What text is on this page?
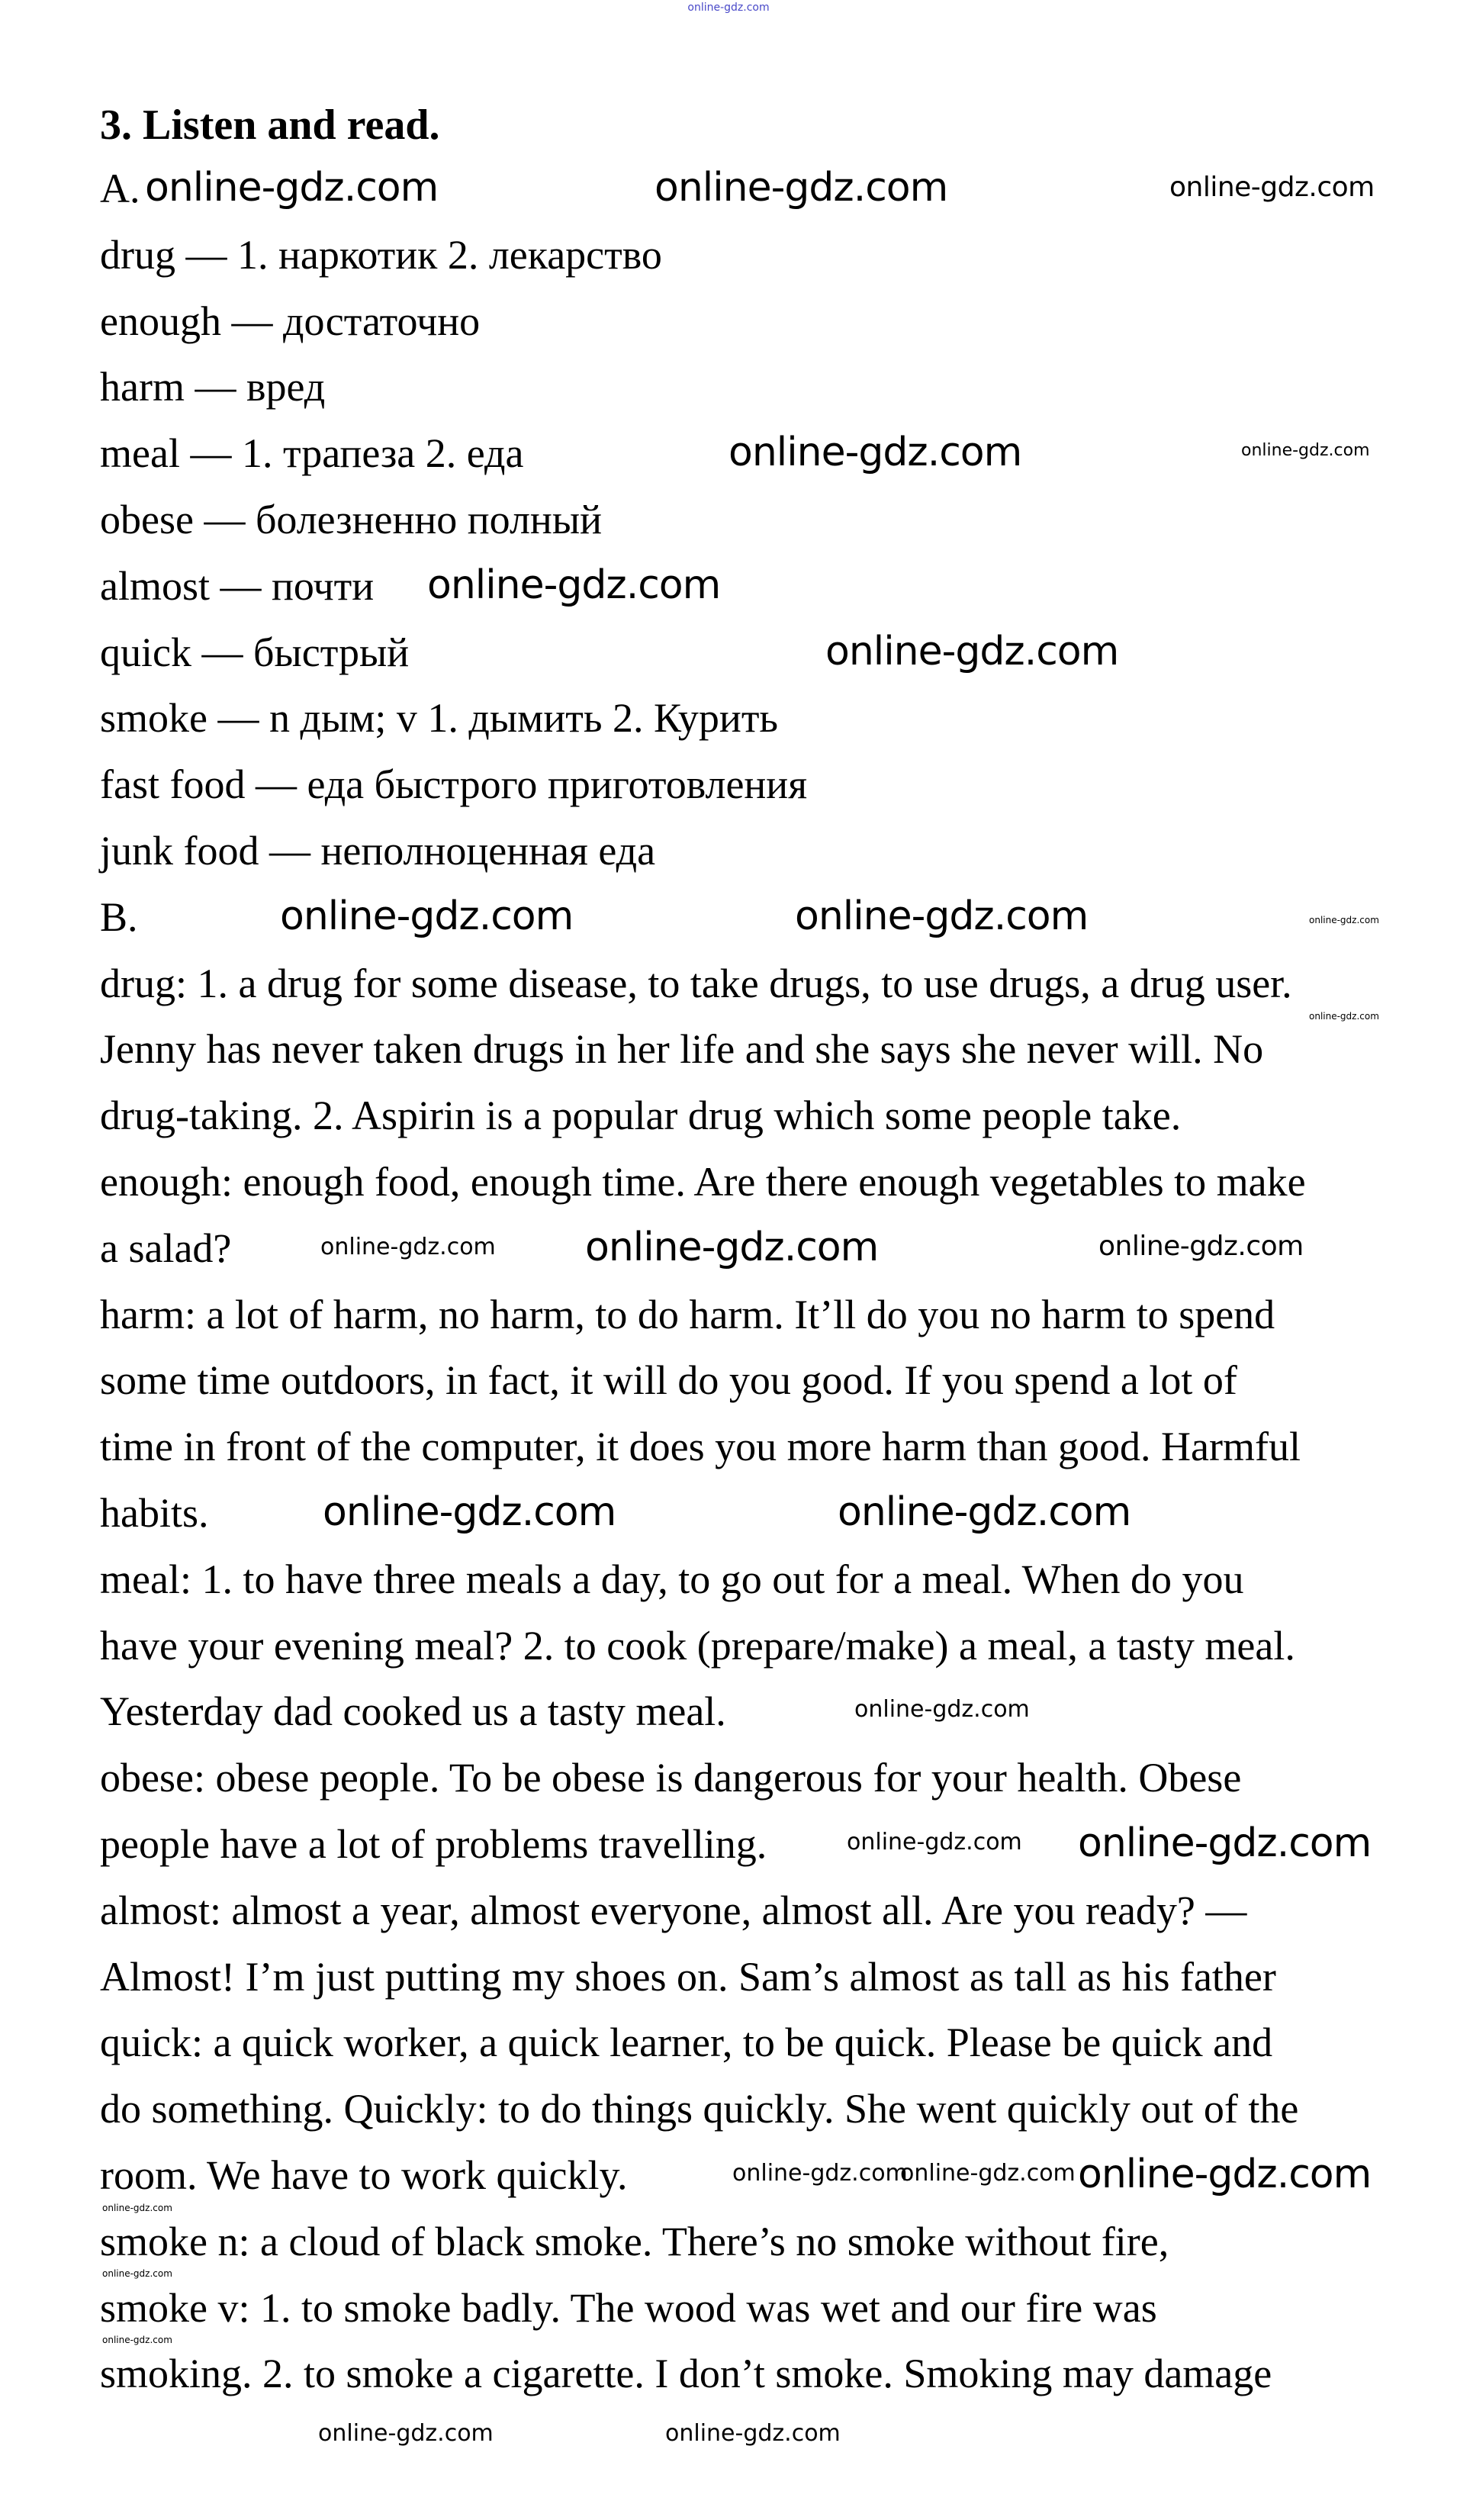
online-gdz.com
3. Listen and read.
A.
drug — 1. наркотик 2. лекарство
enough — достаточно
harm — вред
meal — 1. трапеза 2. еда
obese — болезненно полный
almost — почти
quick — быстрый
smoke — n дым; v 1. дымить 2. Курить
fast food — еда быстрого приготовления
junk food — неполноценная еда
B.
drug: 1. a drug for some disease, to take drugs, to use drugs, a drug user.
Jenny has never taken drugs in her life and she says she never will. No
drug-taking. 2. Aspirin is a popular drug which some people take.
enough: enough food, enough time. Are there enough vegetables to make
a salad?
harm: a lot of harm, no harm, to do harm. It’ll do you no harm to spend
some time outdoors, in fact, it will do you good. If you spend a lot of
time in front of the computer, it does you more harm than good. Harmful
habits.
meal: 1. to have three meals a day, to go out for a meal. When do you
have your evening meal? 2. to cook (prepare/make) a meal, a tasty meal.
Yesterday dad cooked us a tasty meal.
obese: obese people. To be obese is dangerous for your health. Obese
people have a lot of problems travelling.
almost: almost a year, almost everyone, almost all. Are you ready? —
Almost! I’m just putting my shoes on. Sam’s almost as tall as his father
quick: a quick worker, a quick learner, to be quick. Please be quick and
do something. Quickly: to do things quickly. She went quickly out of the
room. We have to work quickly.
smoke n: a cloud of black smoke. There’s no smoke without fire,
smoke v: 1. to smoke badly. The wood was wet and our fire was
smoking. 2. to smoke a cigarette. I don’t smoke. Smoking may damage
online-gdz.com	online-gdz.com	online-gdz.com
online-gdz.com	online-gdz.com
online-gdz.com
online-gdz.com
online-gdz.com	online-gdz.com	online-gdz.com
online-gdz.com
online-gdz.com online-gdz.com	online-gdz.com
online-gdz.com	online-gdz.com
online-gdz.com
online-gdz.com online-gdz.com
online-gdz.com
online-gdz.com online-gdz.com
online-gdz.com
online-gdz.com
online-gdz.com
online-gdz.com	online-gdz.com
